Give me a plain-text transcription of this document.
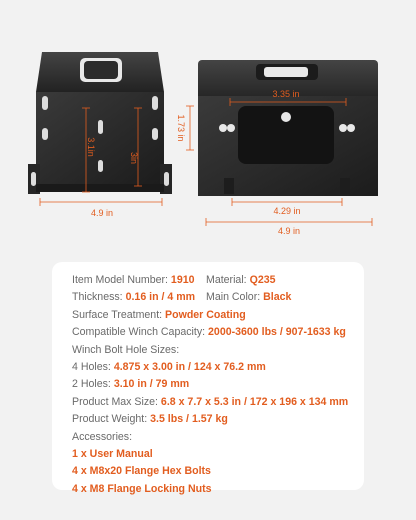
3.1in
3in
4.9 in
1.73 in
3.35 in
4.29 in
4.9 in
Item Model Number: 1910 Material: Q235
Thickness: 0.16 in / 4 mm Main Color: Black
Surface Treatment: Powder Coating
Compatible Winch Capacity: 2000-3600 lbs / 907-1633 kg
Winch Bolt Hole Sizes:
4 Holes: 4.875 x 3.00 in / 124 x 76.2 mm
2 Holes: 3.10 in / 79 mm
Product Max Size: 6.8 x 7.7 x 5.3 in / 172 x 196 x 134 mm
Product Weight: 3.5 lbs / 1.57 kg
Accessories:
1 x User Manual
4 x M8x20 Flange Hex Bolts
4 x M8 Flange Locking Nuts
